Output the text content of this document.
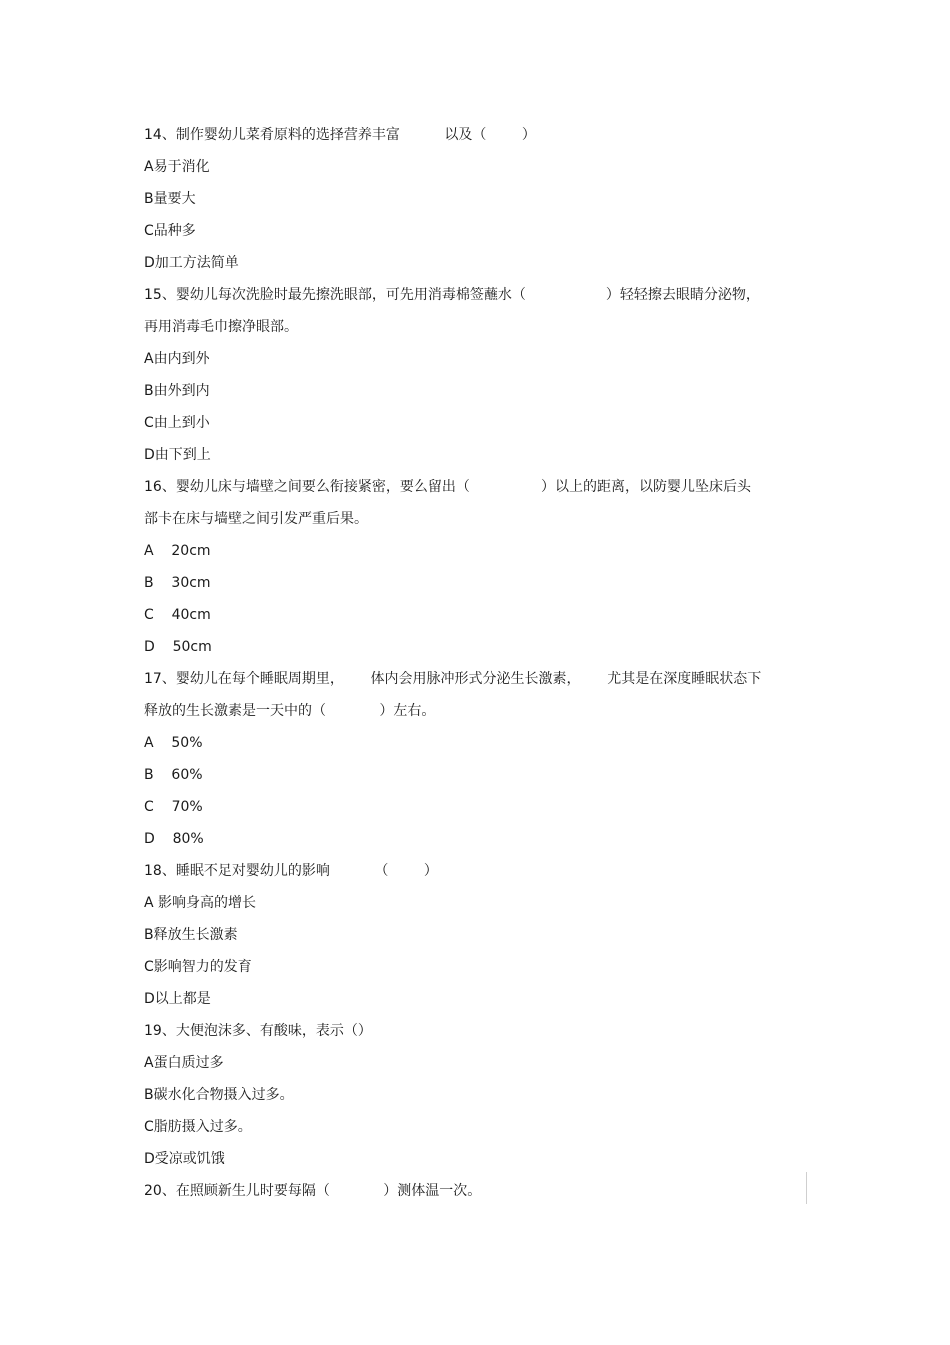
14、制作婴幼儿菜肴原料的选择营养丰富          以及（        ）
A易于消化
B量要大
C品种多
D加工方法简单
15、婴幼儿每次洗脸时最先擦洗眼部，可先用消毒棉签蘸水（                  ）轻轻擦去眼睛分泌物，
再用消毒毛巾擦净眼部。
A由内到外
B由外到内
C由上到小
D由下到上
16、婴幼儿床与墙壁之间要么衔接紧密，要么留出（                ）以上的距离，以防婴儿坠床后头
部卡在床与墙壁之间引发严重后果。
A    20cm
B    30cm
C    40cm
D    50cm
17、婴幼儿在每个睡眠周期里，      体内会用脉冲形式分泌生长激素，      尤其是在深度睡眠状态下
释放的生长激素是一天中的（            ）左右。
A    50%
B    60%
C    70%
D    80%
18、睡眠不足对婴幼儿的影响          （        ）
A 影响身高的增长
B释放生长激素
C影响智力的发育
D以上都是
19、大便泡沫多、有酸味，表示（）
A蛋白质过多
B碳水化合物摄入过多。
C脂肪摄入过多。
D受凉或饥饿
20、在照顾新生儿时要每隔（            ）测体温一次。
